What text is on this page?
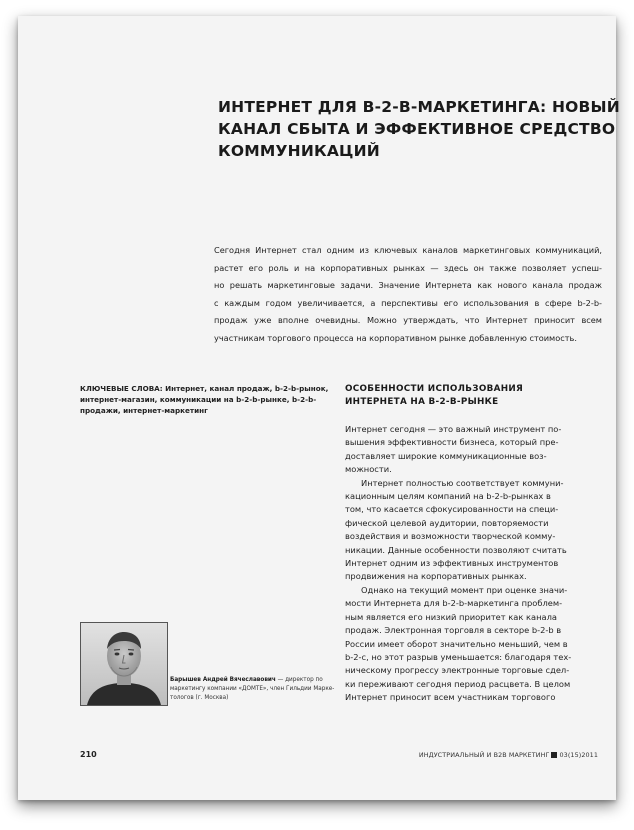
ИНТЕРНЕТ ДЛЯ B-2-B-МАРКЕТИНГА: НОВЫЙ
КАНАЛ СБЫТА И ЭФФЕКТИВНОЕ СРЕДСТВО
КОММУНИКАЦИЙ

Сегодня Интернет стал одним из ключевых каналов маркетинговых коммуникаций,
растет его роль и на корпоративных рынках — здесь он также позволяет успеш-
но решать маркетинговые задачи. Значение Интернета как нового канала продаж
с каждым годом увеличивается, а перспективы его использования в сфере b-2-b-
продаж уже вполне очевидны. Можно утверждать, что Интернет приносит всем
участникам торгового процесса на корпоративном рынке добавленную стоимость.

КЛЮЧЕВЫЕ СЛОВА: Интернет, канал продаж, b-2-b-рынок,
интернет-магазин, коммуникации на b-2-b-рынке, b-2-b-
продажи, интернет-маркетинг

ОСОБЕННОСТИ ИСПОЛЬЗОВАНИЯ
ИНТЕРНЕТА НА B-2-B-РЫНКЕ
Интернет сегодня — это важный инструмент по-
вышения эффективности бизнеса, который пре-
доставляет широкие коммуникационные воз-
можности.
Интернет полностью соответствует коммуни-
кационным целям компаний на b-2-b-рынках в
том, что касается сфокусированности на специ-
фической целевой аудитории, повторяемости
воздействия и возможности творческой комму-
никации. Данные особенности позволяют считать
Интернет одним из эффективных инструментов
продвижения на корпоративных рынках.
Однако на текущий момент при оценке значи-
мости Интернета для b-2-b-маркетинга проблем-
ным является его низкий приоритет как канала
продаж. Электронная торговля в секторе b-2-b в
России имеет оборот значительно меньший, чем в
b-2-c, но этот разрыв уменьшается: благодаря тех-
ническому прогрессу электронные торговые сдел-
ки переживают сегодня период расцвета. В целом
Интернет приносит всем участникам торгового

Барышев Андрей Вячеславович — директор по
маркетингу компании «ДОМТЕ», член Гильдии Марке-
тологов (г. Москва)

210	ИНДУСТРИАЛЬНЫЙ И B2B МАРКЕТИНГ 03(15)2011
